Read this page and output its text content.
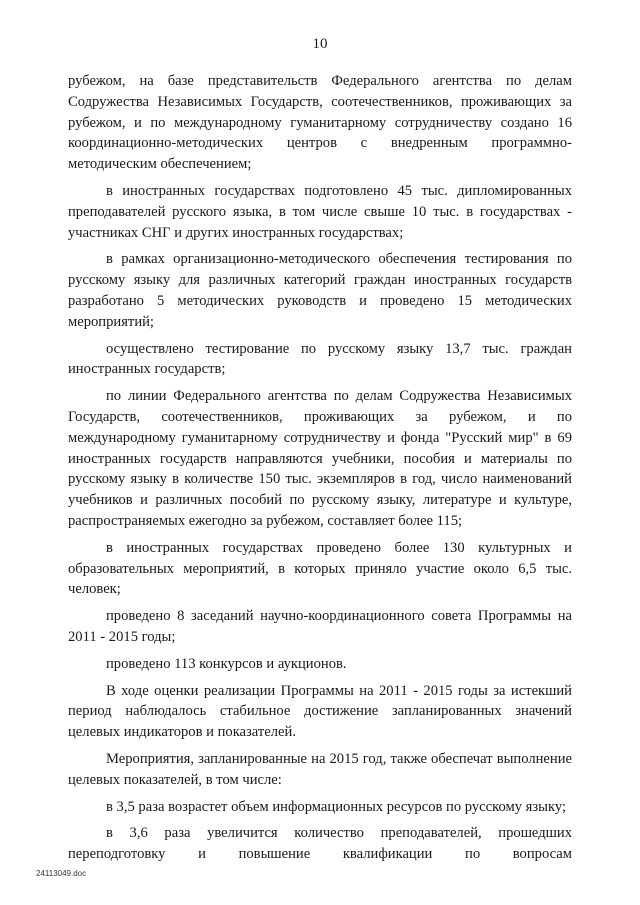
10

рубежом, на базе представительств Федерального агентства по делам Содружества Независимых Государств, соотечественников, проживающих за рубежом, и по международному гуманитарному сотрудничеству создано 16 координационно-методических центров с внедренным программно-методическим обеспечением;

в иностранных государствах подготовлено 45 тыс. дипломированных преподавателей русского языка, в том числе свыше 10 тыс. в государствах - участниках СНГ и других иностранных государствах;

в рамках организационно-методического обеспечения тестирования по русскому языку для различных категорий граждан иностранных государств разработано 5 методических руководств и проведено 15 методических мероприятий;

осуществлено тестирование по русскому языку 13,7 тыс. граждан иностранных государств;

по линии Федерального агентства по делам Содружества Независимых Государств, соотечественников, проживающих за рубежом, и по международному гуманитарному сотрудничеству и фонда "Русский мир" в 69 иностранных государств направляются учебники, пособия и материалы по русскому языку в количестве 150 тыс. экземпляров в год, число наименований учебников и различных пособий по русскому языку, литературе и культуре, распространяемых ежегодно за рубежом, составляет более 115;

в иностранных государствах проведено более 130 культурных и образовательных мероприятий, в которых приняло участие около 6,5 тыс. человек;

проведено 8 заседаний научно-координационного совета Программы на 2011 - 2015 годы;

проведено 113 конкурсов и аукционов.

В ходе оценки реализации Программы на 2011 - 2015 годы за истекший период наблюдалось стабильное достижение запланированных значений целевых индикаторов и показателей.

Мероприятия, запланированные на 2015 год, также обеспечат выполнение целевых показателей, в том числе:

в 3,5 раза возрастет объем информационных ресурсов по русскому языку;

в 3,6 раза увеличится количество преподавателей, прошедших переподготовку и повышение квалификации по вопросам

24113049.doc
